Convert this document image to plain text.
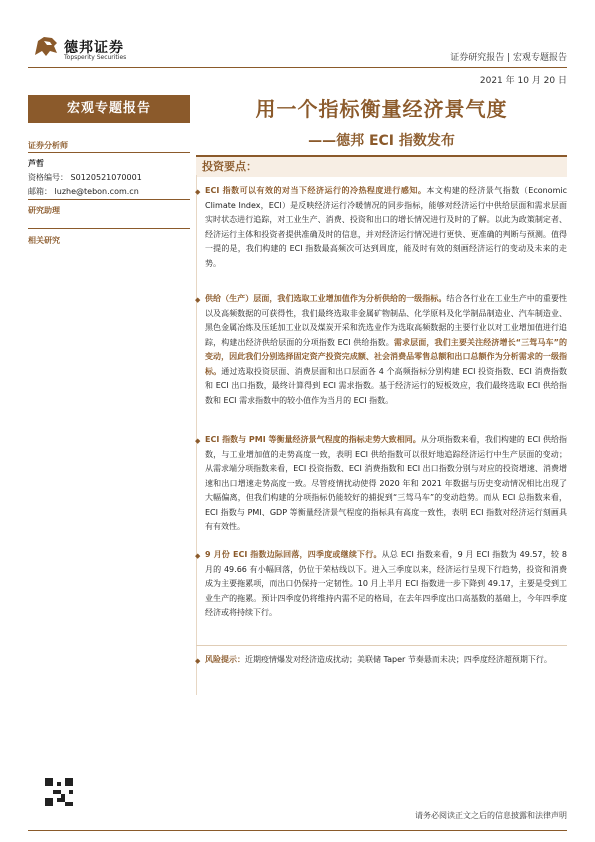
德邦证券
Topsperity Securities	证券研究报告 | 宏观专题报告
2021 年 10 月 20 日
宏观专题报告
证券分析师
芦哲
资格编号： S0120521070001
邮箱： luzhe@tebon.com.cn
研究助理
相关研究
用一个指标衡量经济景气度
——德邦 ECI 指数发布
投资要点：
◆ ECI 指数可以有效的对当下经济运行的冷热程度进行感知。本文构建的经济景气指数（Economic Climate Index，ECI）是反映经济运行冷暖情况的同步指标，能够对经济运行中供给层面和需求层面实时状态进行追踪，对工业生产、消费、投资和出口的增长情况进行及时的了解。以此为政策制定者、经济运行主体和投资者提供准确及时的信息，并对经济运行情况进行更快、更准确的判断与预测。值得一提的是，我们构建的 ECI 指数最高频次可达到周度，能及时有效的刻画经济运行的变动及未来的走势。
◆ 供给（生产）层面，我们选取工业增加值作为分析供给的一级指标。结合各行业在工业生产中的重要性以及高频数据的可获得性，我们最终选取非金属矿物制品、化学原料及化学制品制造业、汽车制造业、黑色金属冶炼及压延加工业以及煤炭开采和洗选业作为选取高频数据的主要行业以对工业增加值进行追踪，构建出经济供给层面的分项指数 ECI 供给指数。需求层面，我们主要关注经济增长“三驾马车”的变动，因此我们分别选择固定资产投资完成额、社会消费品零售总额和出口总额作为分析需求的一级指标。通过选取投资层面、消费层面和出口层面各 4 个高频指标分别构建 ECI 投资指数、ECI 消费指数和 ECI 出口指数，最终计算得到 ECI 需求指数。基于经济运行的短板效应，我们最终选取 ECI 供给指数和 ECI 需求指数中的较小值作为当月的 ECI 指数。
◆ ECI 指数与 PMI 等衡量经济景气程度的指标走势大致相同。从分项指数来看，我们构建的 ECI 供给指数，与工业增加值的走势高度一致，表明 ECI 供给指数可以很好地追踪经济运行中生产层面的变动；从需求端分项指数来看，ECI 投资指数、ECI 消费指数和 ECI 出口指数分别与对应的投资增速、消费增速和出口增速走势高度一致。尽管疫情扰动使得 2020 年和 2021 年数据与历史变动情况相比出现了大幅偏离，但我们构建的分项指标仍能较好的捕捉到“三驾马车”的变动趋势。而从 ECI 总指数来看，ECI 指数与 PMI、GDP 等衡量经济景气程度的指标具有高度一致性，表明 ECI 指数对经济运行刻画具有有效性。
◆ 9 月份 ECI 指数边际回落，四季度或继续下行。从总 ECI 指数来看，9 月 ECI 指数为 49.57，较 8 月的 49.66 有小幅回落，仍位于荣枯线以下。进入三季度以来，经济运行呈现下行趋势，投资和消费成为主要拖累项，而出口仍保持一定韧性。10 月上半月 ECI 指数进一步下降到 49.17，主要是受到工业生产的拖累。预计四季度仍将维持内需不足的格局，在去年四季度出口高基数的基础上，今年四季度经济或将持续下行。
◆ 风险提示：近期疫情爆发对经济造成扰动；美联储 Taper 节奏悬而未决；四季度经济超预期下行。
请务必阅读正文之后的信息披露和法律声明
